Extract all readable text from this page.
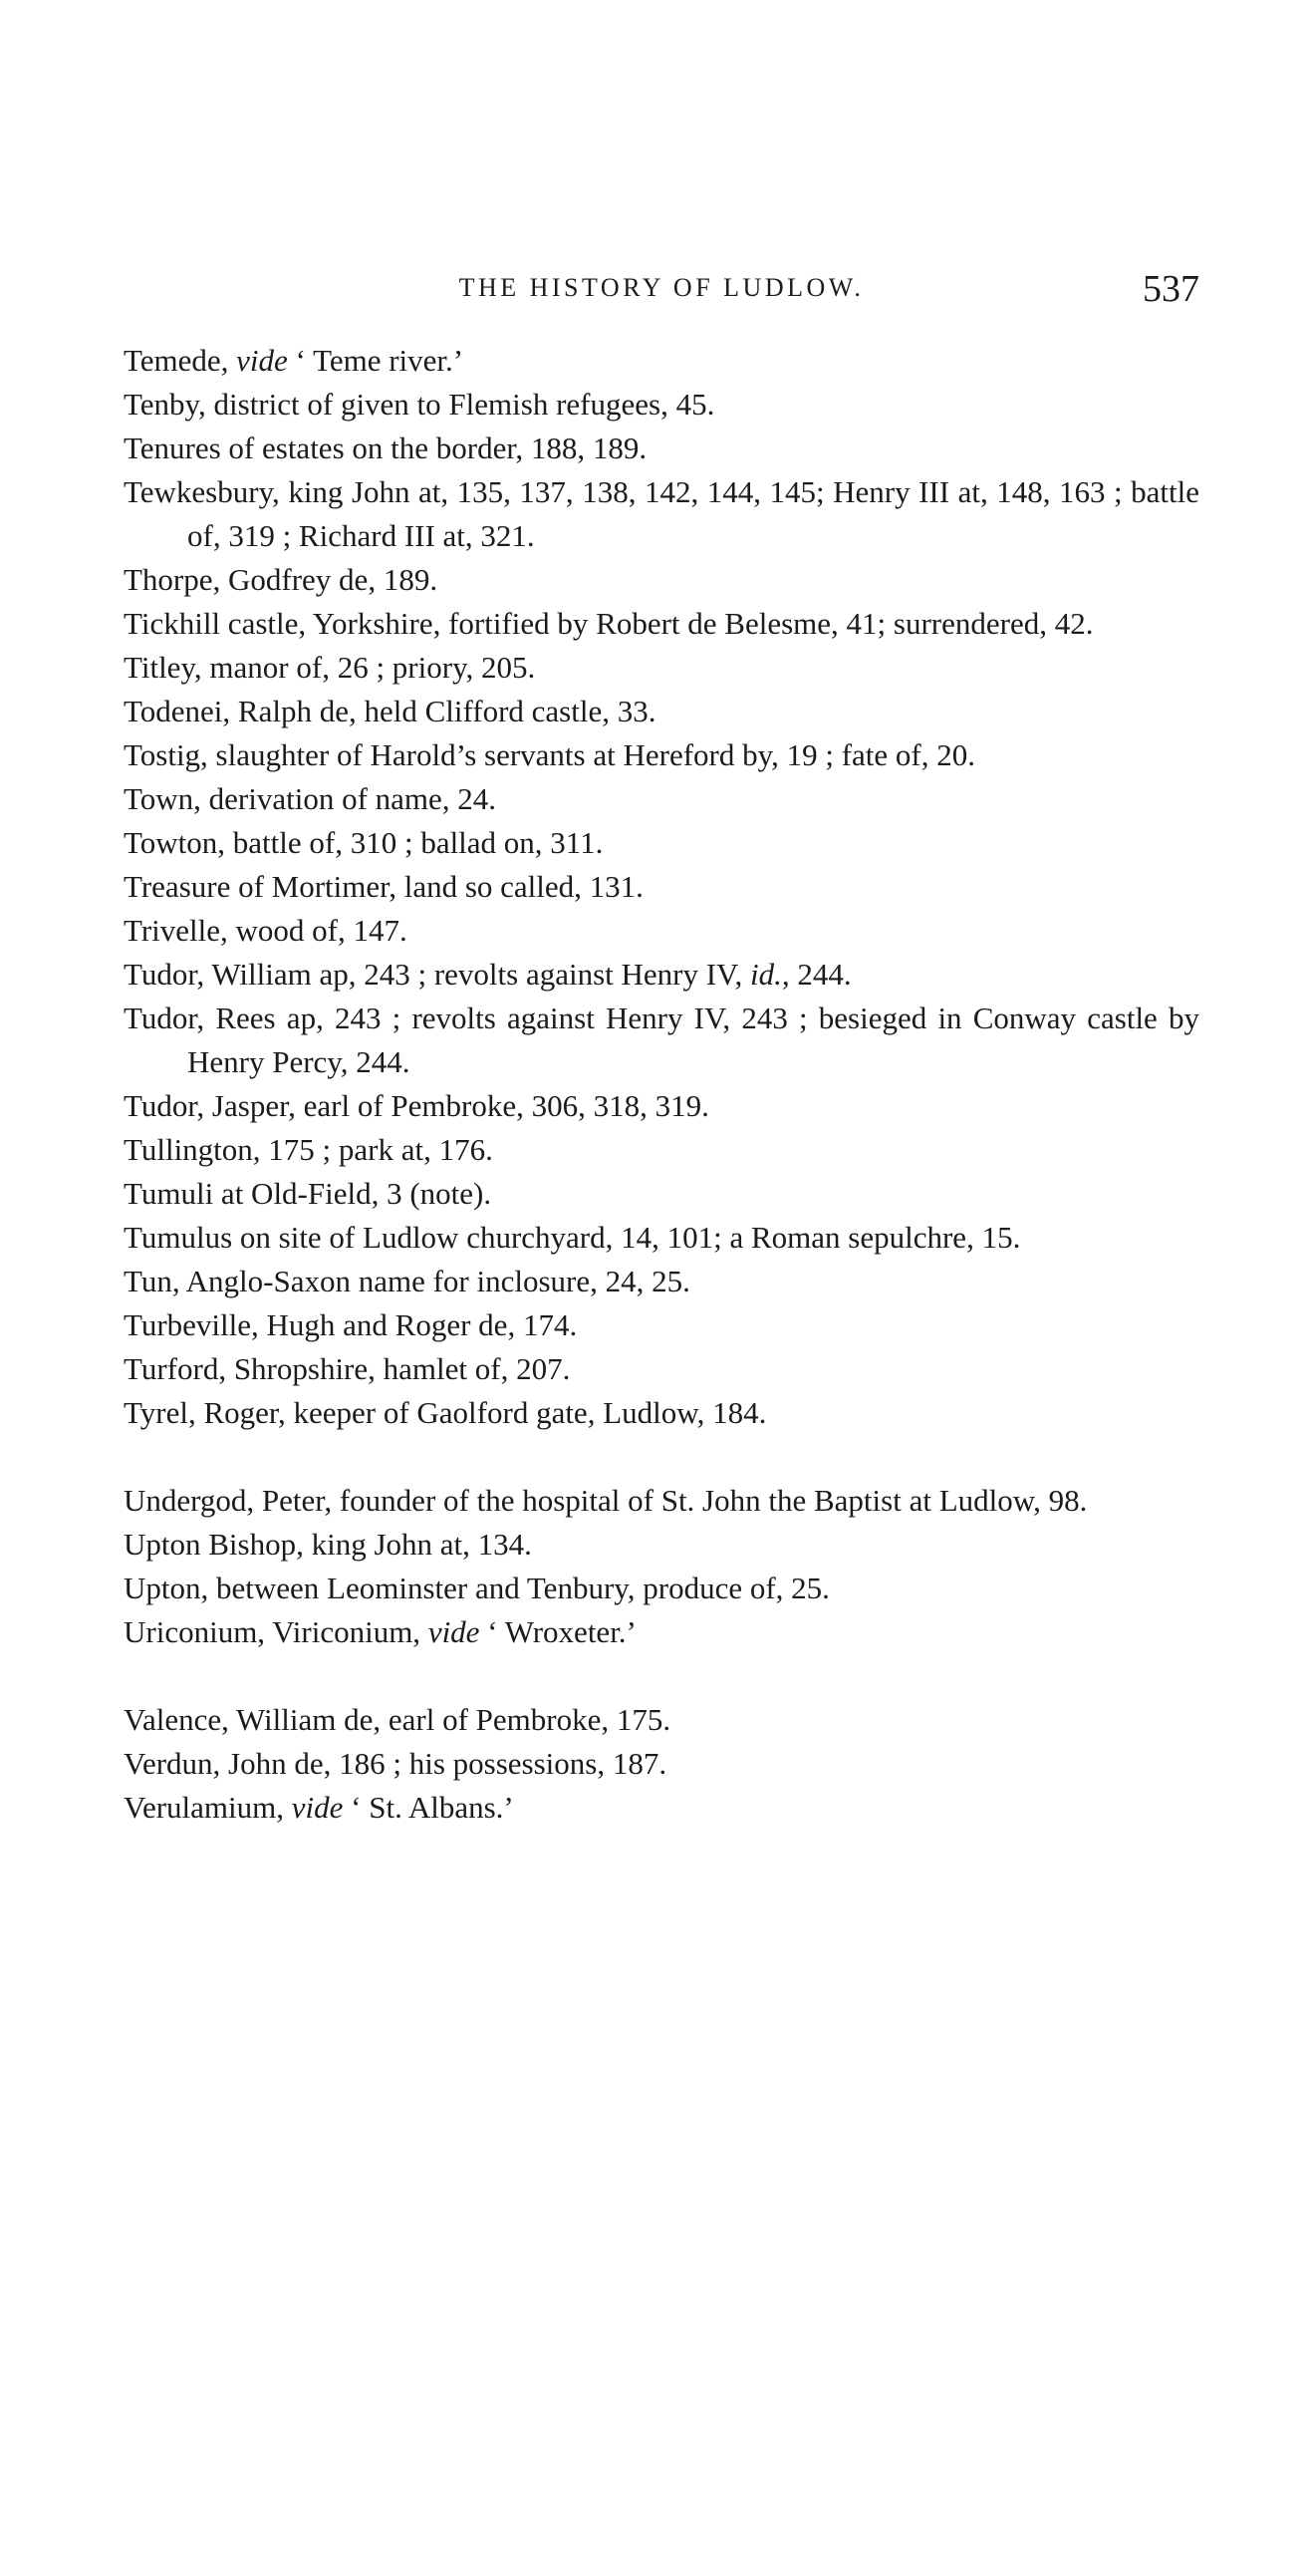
THE HISTORY OF LUDLOW.	537

Temede, vide ‘ Teme river.’

Tenby, district of given to Flemish refugees, 45.

Tenures of estates on the border, 188, 189.

Tewkesbury, king John at, 135, 137, 138, 142, 144, 145; Henry III at, 148, 163 ; battle of, 319 ; Richard III at, 321.

Thorpe, Godfrey de, 189.

Tickhill castle, Yorkshire, fortified by Robert de Belesme, 41; surrendered, 42.

Titley, manor of, 26 ; priory, 205.

Todenei, Ralph de, held Clifford castle, 33.

Tostig, slaughter of Harold’s servants at Hereford by, 19 ; fate of, 20.

Town, derivation of name, 24.

Towton, battle of, 310 ; ballad on, 311.

Treasure of Mortimer, land so called, 131.

Trivelle, wood of, 147.

Tudor, William ap, 243 ; revolts against Henry IV, id., 244.

Tudor, Rees ap, 243 ; revolts against Henry IV, 243 ; besieged in Conway castle by Henry Percy, 244.

Tudor, Jasper, earl of Pembroke, 306, 318, 319.

Tullington, 175 ; park at, 176.

Tumuli at Old-Field, 3 (note).

Tumulus on site of Ludlow churchyard, 14, 101; a Roman sepulchre, 15.

Tun, Anglo-Saxon name for inclosure, 24, 25.

Turbeville, Hugh and Roger de, 174.

Turford, Shropshire, hamlet of, 207.

Tyrel, Roger, keeper of Gaolford gate, Ludlow, 184.

Undergod, Peter, founder of the hospital of St. John the Baptist at Ludlow, 98.

Upton Bishop, king John at, 134.

Upton, between Leominster and Tenbury, produce of, 25.

Uriconium, Viriconium, vide ‘ Wroxeter.’

Valence, William de, earl of Pembroke, 175.

Verdun, John de, 186 ; his possessions, 187.

Verulamium, vide ‘ St. Albans.’
